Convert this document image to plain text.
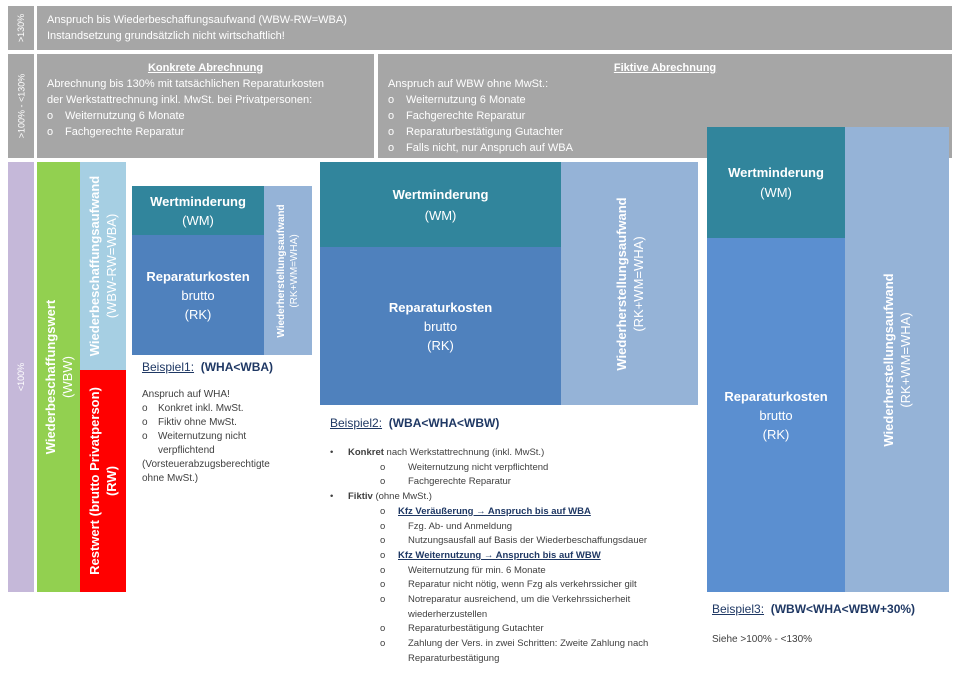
>130%
>100% - <130%
<100%
Anspruch bis Wiederbeschaffungsaufwand (WBW-RW=WBA)
Instandsetzung grundsätzlich nicht wirtschaftlich!
Konkrete Abrechnung
Abrechnung bis 130% mit tatsächlichen Reparaturkosten
der Werkstattrechnung inkl. MwSt. bei Privatpersonen:
o	Weiternutzung 6 Monate
o	Fachgerechte Reparatur
Fiktive Abrechnung
Anspruch auf WBW ohne MwSt.:
o	Weiternutzung 6 Monate
o	Fachgerechte Reparatur
o	Reparaturbestätigung Gutachter
o	Falls nicht, nur Anspruch auf WBA
Wiederbeschaffungswert (WBW)
Wiederbeschaffungsaufwand (WBW-RW=WBA)
Restwert (brutto Privatperson) (RW)
Wertminderung
(WM)
Reparaturkosten
brutto
(RK)	Wiederherstellungsaufwand (RK+WM=WHA)
Beispiel1: (WHA<WBA)
Anspruch auf WHA!
o	Konkret inkl. MwSt.
o	Fiktiv ohne MwSt.
o	Weiternutzung nicht
verpflichtend
(Vorsteuerabzugsberechtigte
ohne MwSt.)
Wertminderung
(WM)
Reparaturkosten
brutto
(RK)	Wiederherstellungsaufwand (RK+WM=WHA)
Beispiel2: (WBA<WHA<WBW)
•	Konkret nach Werkstattrechnung (inkl. MwSt.)
o	Weiternutzung nicht verpflichtend
o	Fachgerechte Reparatur
•	Fiktiv (ohne MwSt.)
o	Kfz Veräußerung → Anspruch bis auf WBA
o	Fzg. Ab- und Anmeldung
o	Nutzungsausfall auf Basis der Wiederbeschaffungsdauer
o	Kfz Weiternutzung → Anspruch bis auf WBW
o	Weiternutzung für min. 6 Monate
o	Reparatur nicht nötig, wenn Fzg als verkehrssicher gilt
o	Notreparatur ausreichend, um die Verkehrssicherheit
wiederherzustellen
o	Reparaturbestätigung Gutachter
o	Zahlung der Vers. in zwei Schritten: Zweite Zahlung nach
Reparaturbestätigung
Wertminderung
(WM)
Reparaturkosten
brutto
(RK)	Wiederherstellungsaufwand (RK+WM=WHA)
Beispiel3: (WBW<WHA<WBW+30%)
Siehe >100% - <130%
